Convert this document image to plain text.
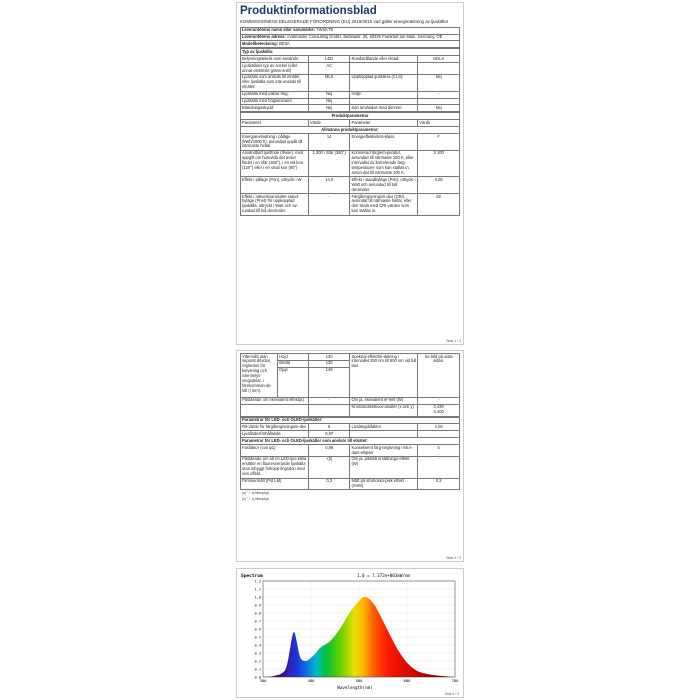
Produktinformationsblad
KOMMISSIONENS DELEGERADE FÖRORDNING (EU) 2019/2015 vad gäller energimärkning av ljuskällor
Leverantörens namn eller varumärke: TWSKTE
Leverantörens adress: eVatmaster Consulting GmbH, Bettinastr. 30, 60325 Frankfurt am Main, Germany, OE
Modellbeteckning: BD3A
Typ av ljuskälla:			
Belysningsteknik som används:	LED	Rundstrålande eller riktad:	NDLS
Ljuskällans typ av sockel (eller annat elektriskt gräns-snitt)	AC		
Ljuskälla som ansluts till elnätet eller ljuskälla som inte ansluts till elnätet:	MLS	Uppkopplad ljuskäl-la (CLS):	Nej
Ljuskälla med valbar färg:	Nej	Hölje:	-
Ljuskälla med högluminans:	Nej		
Bländningsskydd:	Nej	Kan användas med dimmer:	Nej
Produktparametrar			
Parameter	Värde	Parameter	Värde
Allmänna produktparametrar:			
Energianvändning i påläge (kWh/1000 h), avrundad uppåt till närmaste heltal	14	Energieffektivitets-klass	F
Användbart ljusflöde (Φuse), med uppgift om huruvida det avser flödet i en sfär (360°), i en vid kon (120°) eller i en smal kon (90°)	1 300 i Sfär (360°)	Korrelerad färgtem-peratur, avrundad till närmaste 100 K, eller intervallet av korrelerade färg-temperaturer som kan ställas in, avrun-dat till närmaste 100 K.	3 100
Effekt i påläge (Pon), uttryckt i W	14,0	Effekt i standbyläge (Psb), uttryckt i Watt och avrundad till två decimaler.	0,00
Effekt i nätverksansluttet stand-byläge (Pnet) för uppkopplad ljuskälla, uttryckt i Watt och av-rundad till två decimaler.	-	Färgåtergivningsin-dex (CRI), avrundat till närmaste heltal, eller den skala med CRI-värden som kan ställas in.	82
Sida 1 / 3
Yttermått utan separat drivdon, reglerdon för belysning och icke-belys-ningsdelar, i förekomman-de fall (i mm).	Höjd	130	Spektral effektför-delning i intervallet 250 nm till 800 nm vid full last	Se bild på sista sidan.
	Bredd	130		
	Djup	149		
Påstående om ekvivalent effekt(a)		-	Om ja, ekvivalent ef-fekt (W)	-
			Kromaticitetskoor-dinater (x och y)	0,430
0,400
Parametrar för LED- och OLED-ljuskällor:			
R9-värde för färgåtergivningsin-dex	8	Livslängdsfaktor	1,00
Ljusflödesförhållande	0,97		
Parametrar för LED- och OLED-ljuskällor som ansluts till elnätet:			
Fasfaktor (cos φ1)	0,98	Konsekvent färg-tergivning i McA-dam-ellipser	5
Påstående om att en LED-ljus-källa ersätter en fluorescerande ljuskälla utan inbyggt förkopp-lingsdon med viss effekt.	-(b)	Om ja, påstått ersättnings-effekt (W)	-
Flimmermått (Pst LM)	0,3	Mått på strobosko-pisk effekt (SVM)	0,2
(a) "-": ej tillämpligt.
(b) "-": ej tillämpligt.
Sida 2 / 3
0.0
0.1
0.2
0.3
0.4
0.5
0.6
0.7
0.8
0.9
1.0
1.1
1.2
380	480	580	680	780
Spectrum	1.0 = 7.372e+003mW/nm
Wavelength(nm)
Sida 3 / 3
